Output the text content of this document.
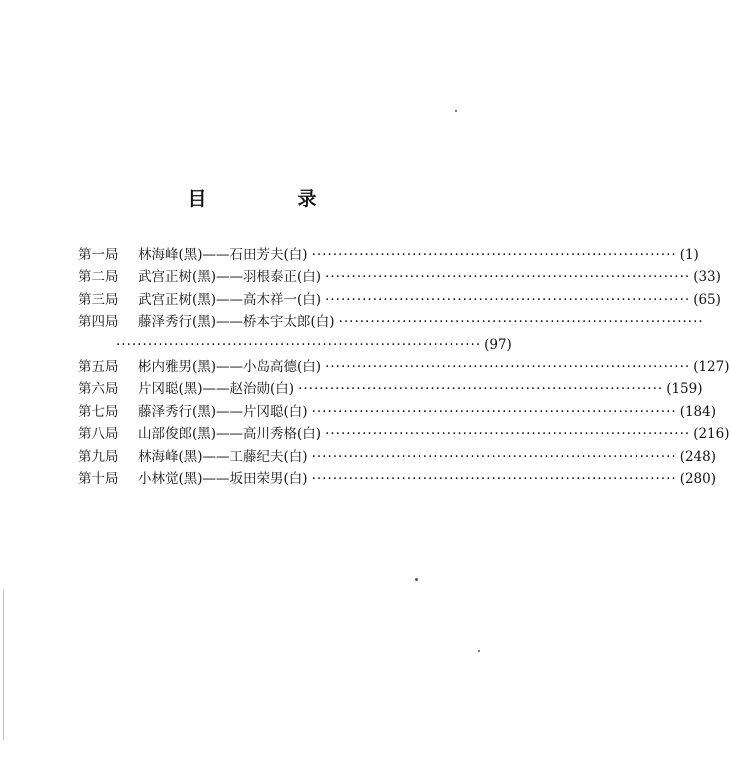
目　录
第一局	林海峰(黑)——石田芳夫(白) ····································································· (1)
第二局	武宫正树(黑)——羽根泰正(白) ····································································· (33)
第三局	武宫正树(黑)——高木祥一(白) ····································································· (65)
第四局	藤泽秀行(黑)——桥本宇太郎(白) ·····································································
····································································· (97)
第五局	彬内雅男(黑)——小岛高德(白) ····································································· (127)
第六局	片冈聪(黑)——赵治勋(白) ····································································· (159)
第七局	藤泽秀行(黑)——片冈聪(白) ····································································· (184)
第八局	山部俊郎(黑)——高川秀格(白) ····································································· (216)
第九局	林海峰(黑)——工藤纪夫(白) ····································································· (248)
第十局	小林觉(黑)——坂田荣男(白) ····································································· (280)
